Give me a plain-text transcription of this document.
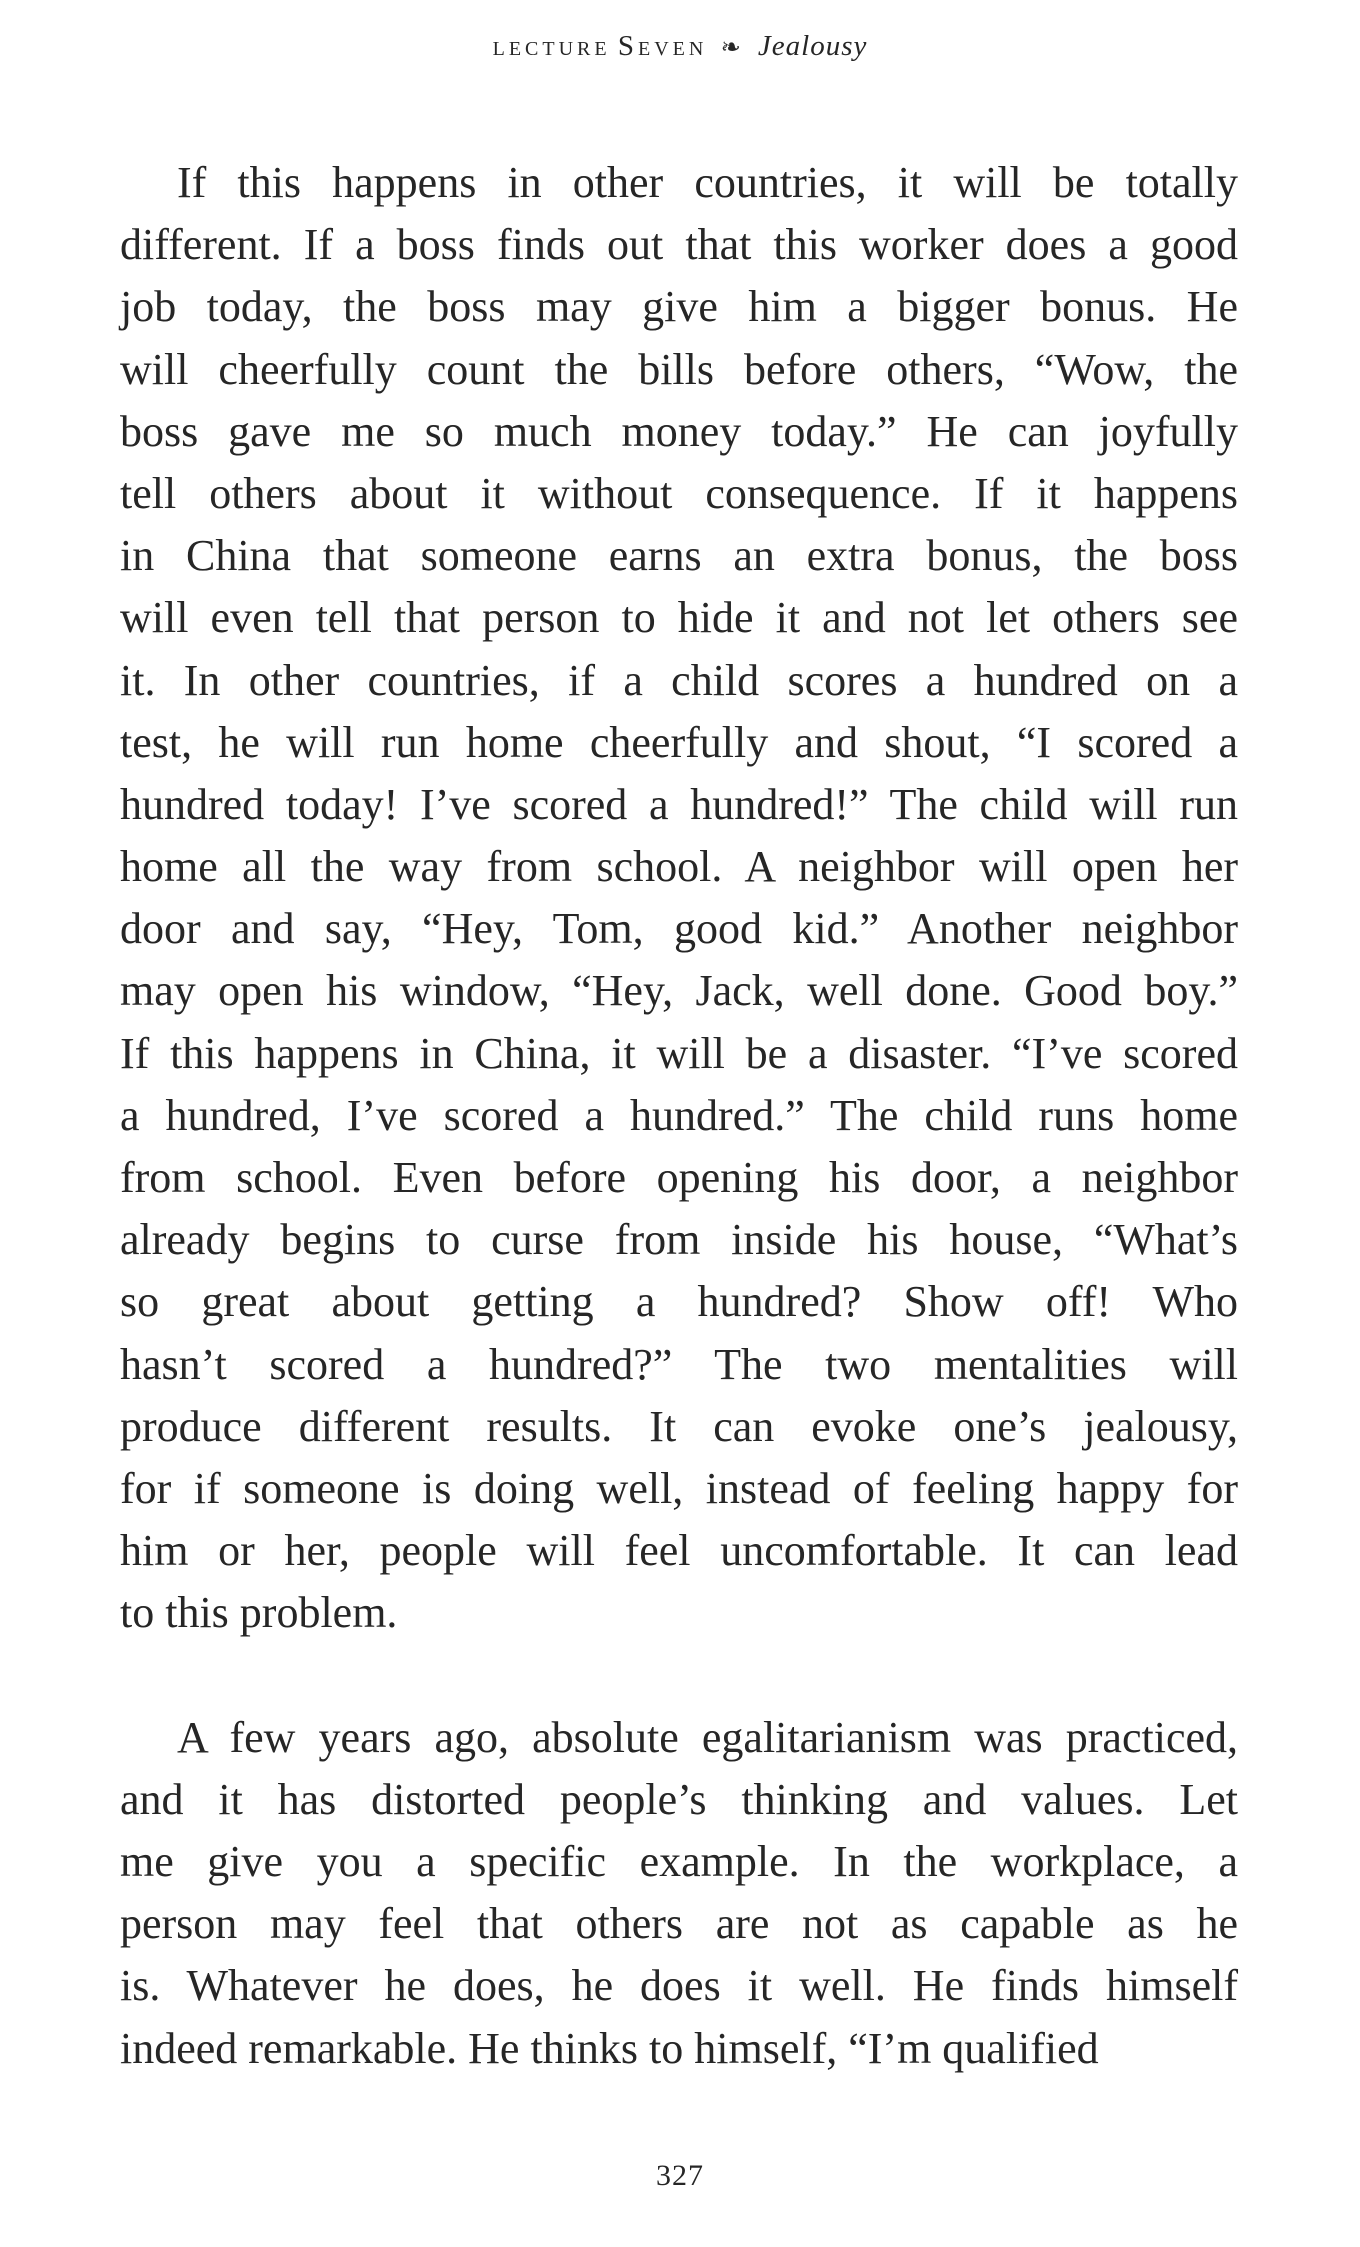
lecture Seven ❧ Jealousy
If this happens in other countries, it will be totally
different. If a boss finds out that this worker does a good
job today, the boss may give him a bigger bonus. He
will cheerfully count the bills before others, “Wow, the
boss gave me so much money today.” He can joyfully
tell others about it without consequence. If it happens
in China that someone earns an extra bonus, the boss
will even tell that person to hide it and not let others see
it. In other countries, if a child scores a hundred on a
test, he will run home cheerfully and shout, “I scored a
hundred today! I’ve scored a hundred!” The child will run
home all the way from school. A neighbor will open her
door and say, “Hey, Tom, good kid.” Another neighbor
may open his window, “Hey, Jack, well done. Good boy.”
If this happens in China, it will be a disaster. “I’ve scored
a hundred, I’ve scored a hundred.” The child runs home
from school. Even before opening his door, a neighbor
already begins to curse from inside his house, “What’s
so great about getting a hundred? Show off! Who
hasn’t scored a hundred?” The two mentalities will
produce different results. It can evoke one’s jealousy,
for if someone is doing well, instead of feeling happy for
him or her, people will feel uncomfortable. It can lead
to this problem.
A few years ago, absolute egalitarianism was practiced,
and it has distorted people’s thinking and values. Let
me give you a specific example. In the workplace, a
person may feel that others are not as capable as he
is. Whatever he does, he does it well. He finds himself
indeed remarkable. He thinks to himself, “I’m qualified
327
